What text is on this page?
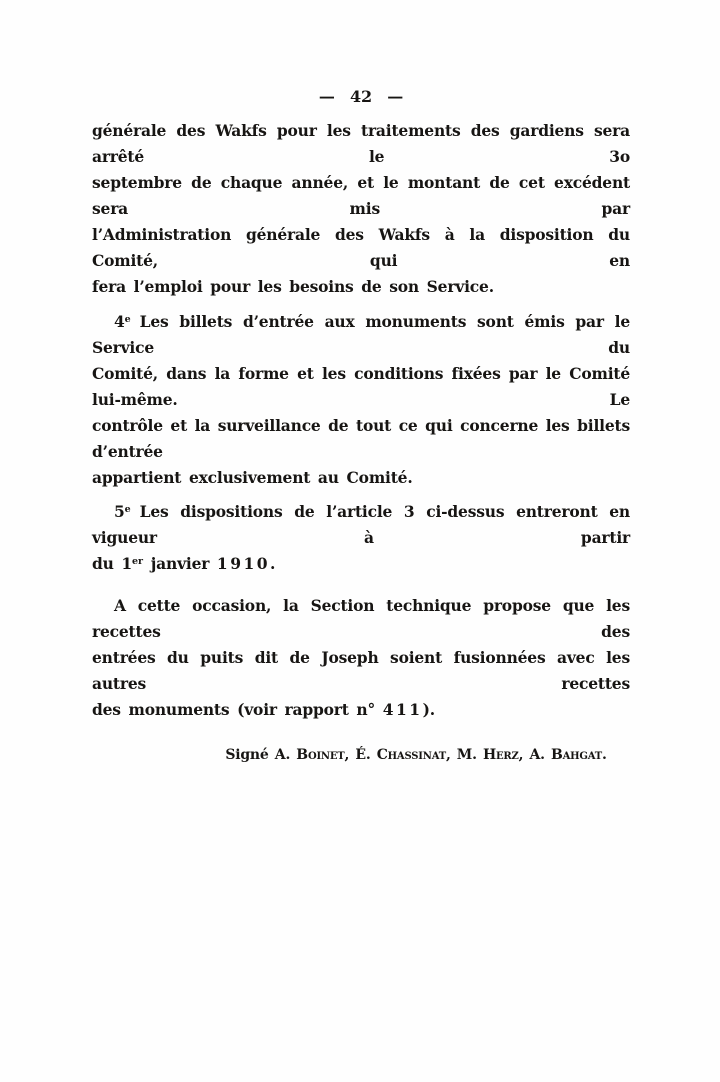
— 42 —
générale des Wakfs pour les traitements des gardiens sera arrêté le 3o
septembre de chaque année, et le montant de cet excédent sera mis par
l’Administration générale des Wakfs à la disposition du Comité, qui en
fera l’emploi pour les besoins de son Service.
4e Les billets d’entrée aux monuments sont émis par le Service du
Comité, dans la forme et les conditions fixées par le Comité lui-même. Le
contrôle et la surveillance de tout ce qui concerne les billets d’entrée
appartient exclusivement au Comité.
5e Les dispositions de l’article 3 ci-dessus entreront en vigueur à partir
du 1er janvier 1910.
A cette occasion, la Section technique propose que les recettes des
entrées du puits dit de Joseph soient fusionnées avec les autres recettes
des monuments (voir rapport n° 411).
Signé A. Boinet, É. Chassinat, M. Herz, A. Bahgat.
